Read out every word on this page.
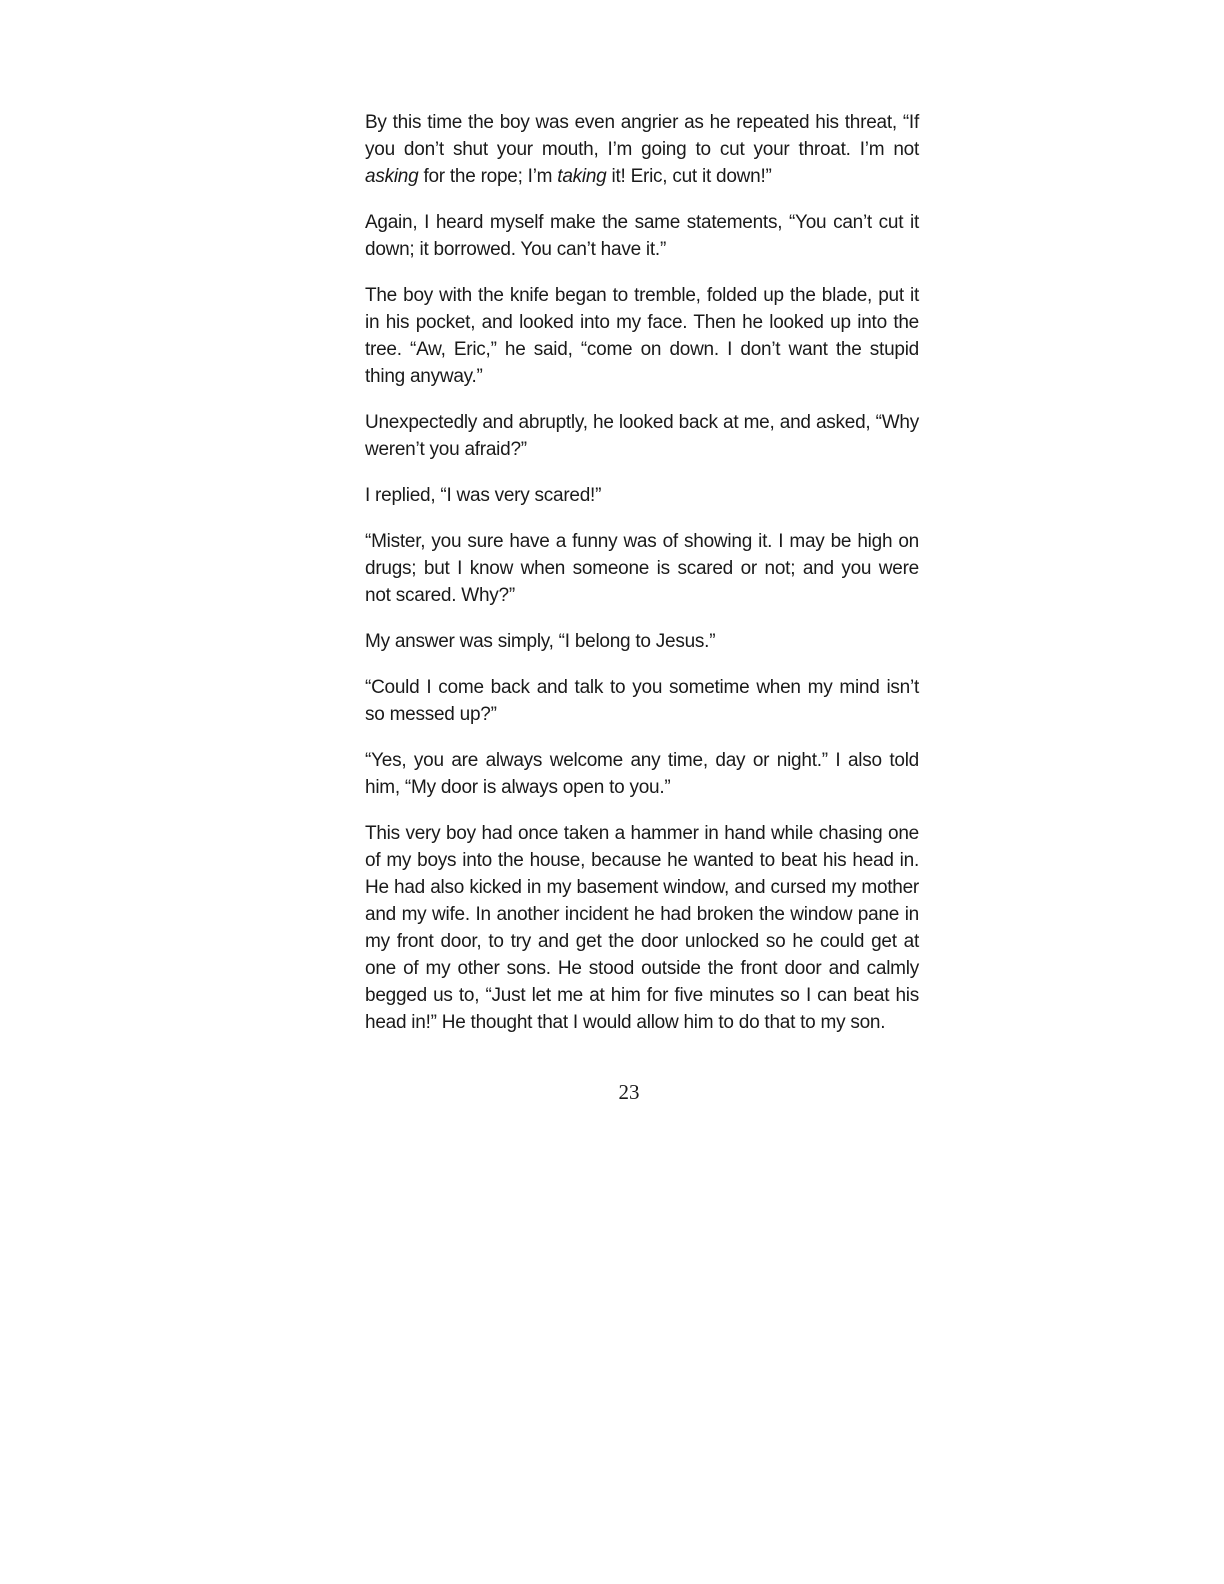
By this time the boy was even angrier as he repeated his threat, “If you don’t shut your mouth, I’m going to cut your throat. I’m not asking for the rope; I’m taking it! Eric, cut it down!”

Again, I heard myself make the same statements, “You can’t cut it down; it borrowed. You can’t have it.”

The boy with the knife began to tremble, folded up the blade, put it in his pocket, and looked into my face. Then he looked up into the tree. “Aw, Eric,” he said, “come on down. I don’t want the stupid thing anyway.”

Unexpectedly and abruptly, he looked back at me, and asked, “Why weren’t you afraid?”

I replied, “I was very scared!”

“Mister, you sure have a funny was of showing it. I may be high on drugs; but I know when someone is scared or not; and you were not scared. Why?”

My answer was simply, “I belong to Jesus.”

“Could I come back and talk to you sometime when my mind isn’t so messed up?”

“Yes, you are always welcome any time, day or night.” I also told him, “My door is always open to you.”

This very boy had once taken a hammer in hand while chasing one of my boys into the house, because he wanted to beat his head in. He had also kicked in my basement window, and cursed my mother and my wife. In another incident he had broken the window pane in my front door, to try and get the door unlocked so he could get at one of my other sons. He stood outside the front door and calmly begged us to, “Just let me at him for five minutes so I can beat his head in!” He thought that I would allow him to do that to my son.

23
